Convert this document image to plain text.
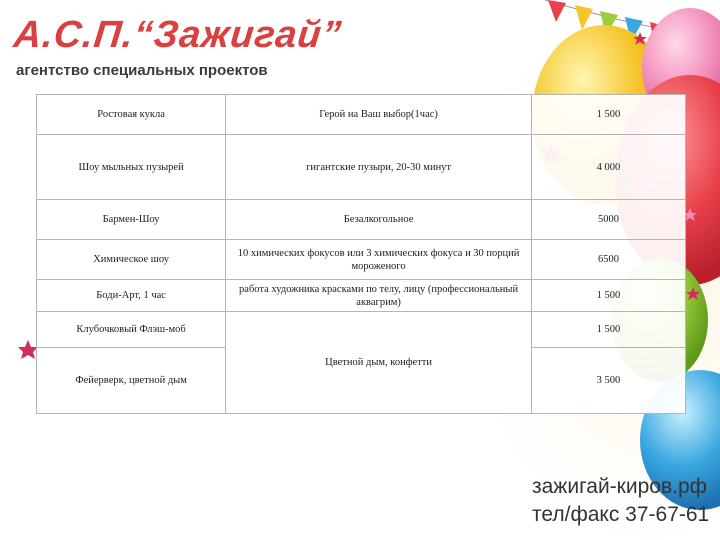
А.С.П.“Зажигай”
агентство специальных проектов
Ростовая кукла	Герой на Ваш выбор(1час)	1 500
Шоу мыльных пузырей	гигантские пузыри, 20-30 минут	4 000
Бармен-Шоу	Безалкогольное	5000
Химическое шоу	10 химических фокусов или 3 химических фокуса и 30 порций мороженого	6500
Боди-Арт, 1 час	работа художника красками по телу, лицу (профессиональный аквагрим)	1 500
Клубочковый Флэш-моб	Цветной дым, конфетти	1 500
Фейерверк, цветной дым		3 500
зажигай-киров.рф
тел/факс 37-67-61
